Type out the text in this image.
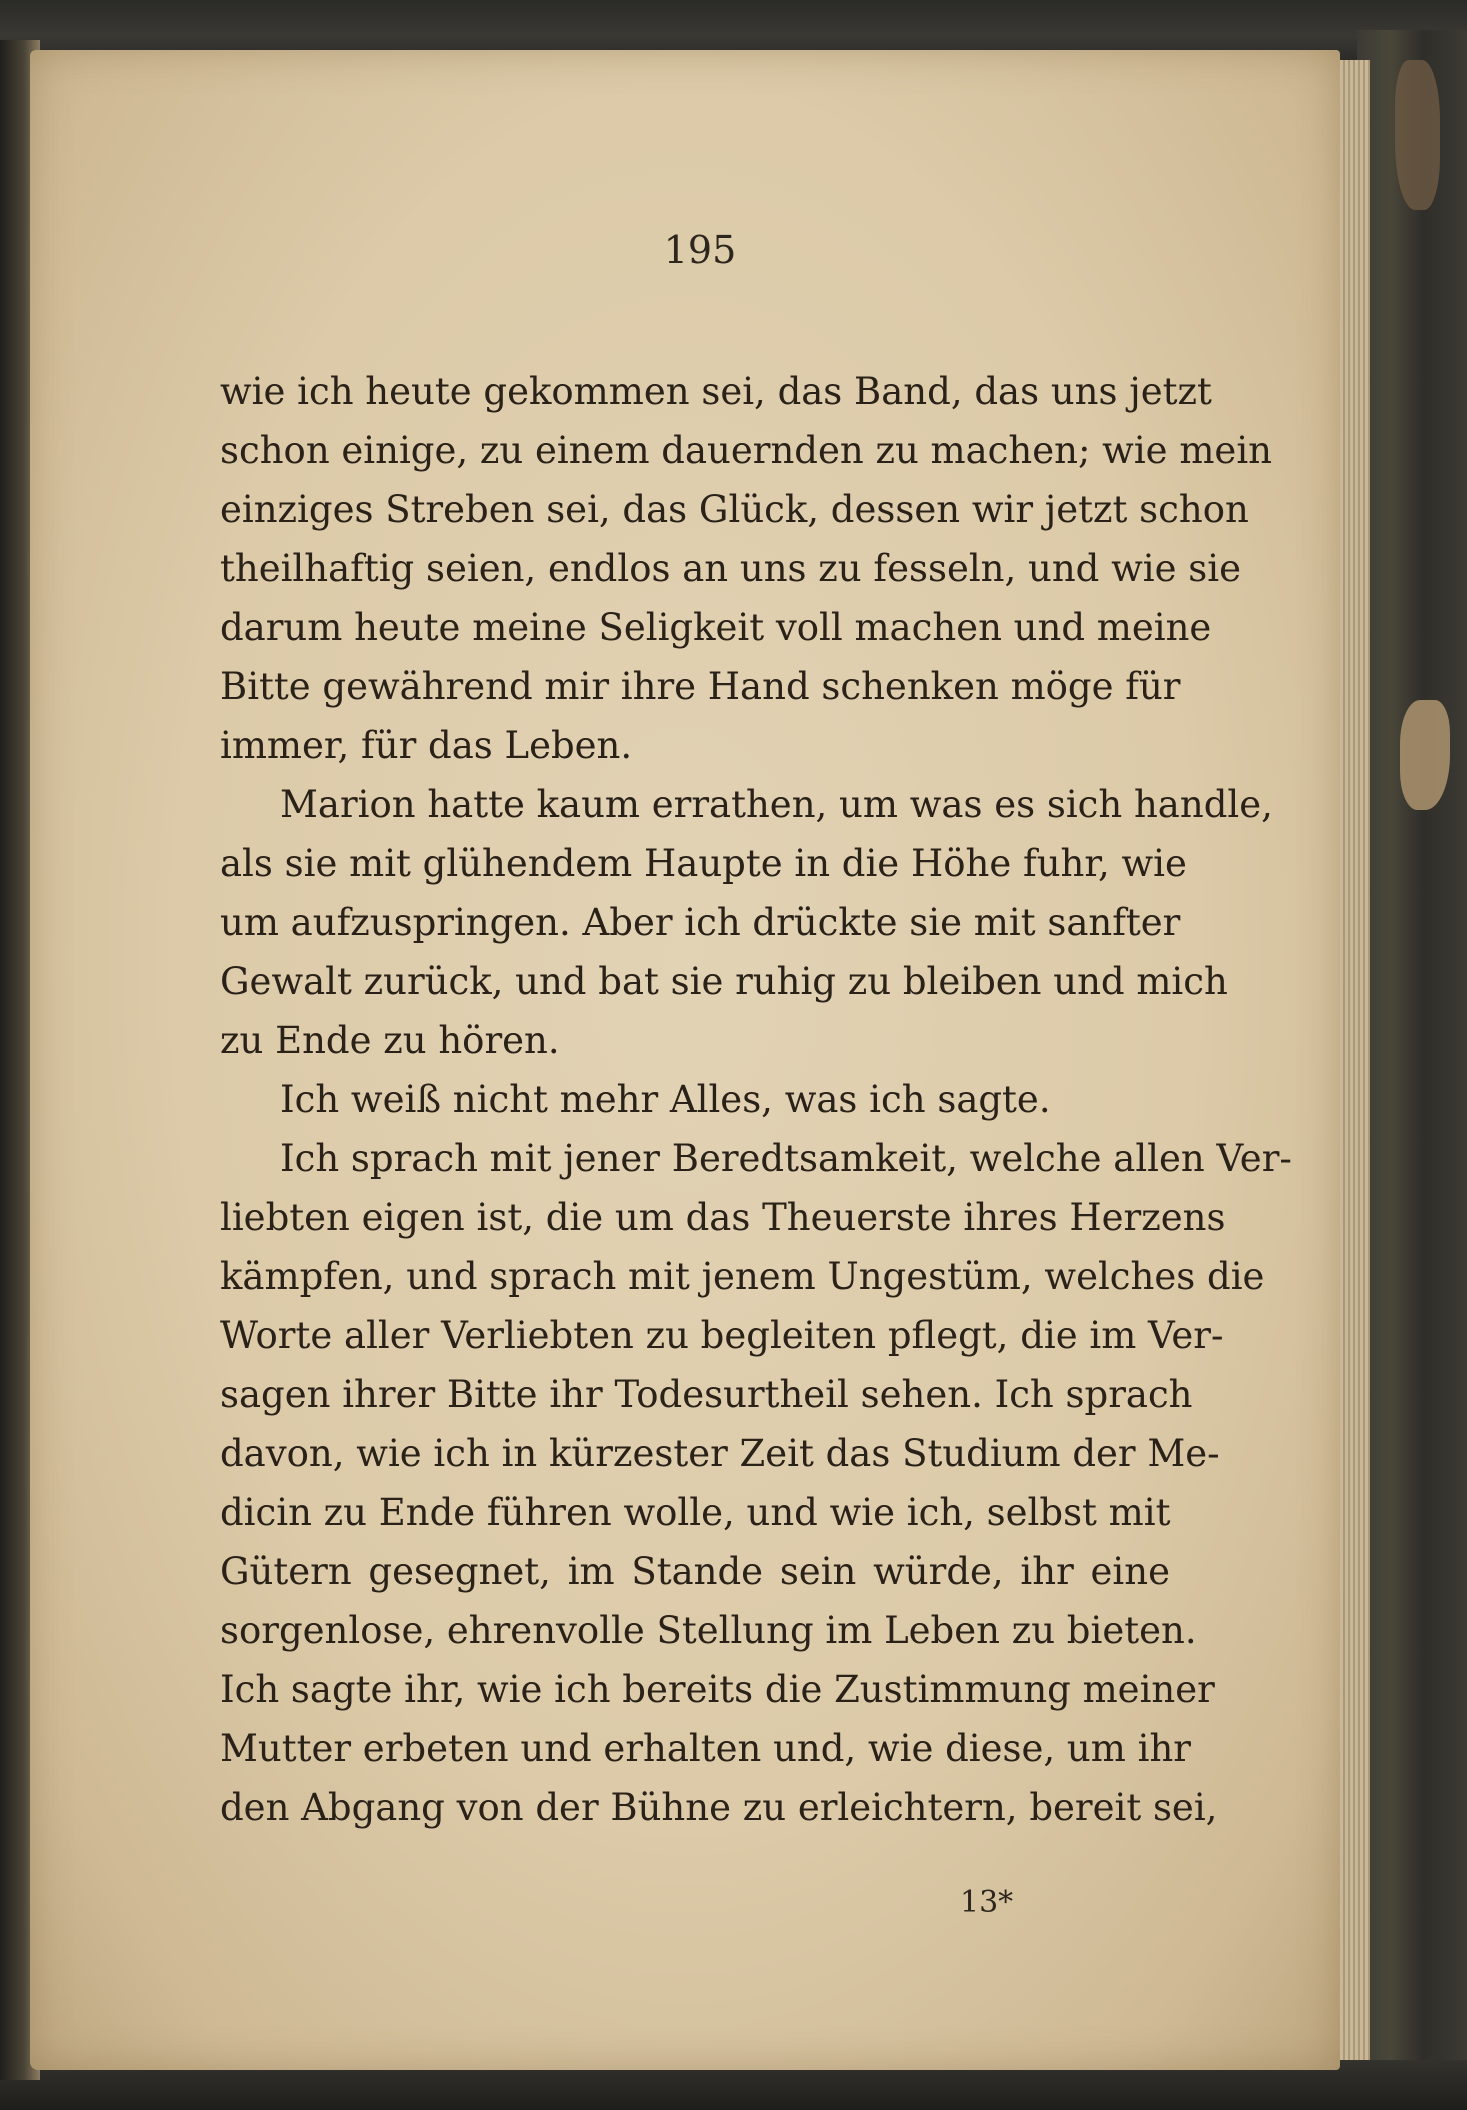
195

wie ich heute gekommen sei, das Band, das uns jetzt

schon einige, zu einem dauernden zu machen; wie mein

einziges Streben sei, das Glück, dessen wir jetzt schon

theilhaftig seien, endlos an uns zu fesseln, und wie sie

darum heute meine Seligkeit voll machen und meine

Bitte gewährend mir ihre Hand schenken möge für

immer, für das Leben.

Marion hatte kaum errathen, um was es sich handle,

als sie mit glühendem Haupte in die Höhe fuhr, wie

um aufzuspringen. Aber ich drückte sie mit sanfter

Gewalt zurück, und bat sie ruhig zu bleiben und mich

zu Ende zu hören.

Ich weiß nicht mehr Alles, was ich sagte.

Ich sprach mit jener Beredtsamkeit, welche allen Ver-

liebten eigen ist, die um das Theuerste ihres Herzens

kämpfen, und sprach mit jenem Ungestüm, welches die

Worte aller Verliebten zu begleiten pflegt, die im Ver-

sagen ihrer Bitte ihr Todesurtheil sehen. Ich sprach

davon, wie ich in kürzester Zeit das Studium der Me-

dicin zu Ende führen wolle, und wie ich, selbst mit

Gütern gesegnet, im Stande sein würde, ihr eine

sorgenlose, ehrenvolle Stellung im Leben zu bieten.

Ich sagte ihr, wie ich bereits die Zustimmung meiner

Mutter erbeten und erhalten und, wie diese, um ihr

den Abgang von der Bühne zu erleichtern, bereit sei,

13*
